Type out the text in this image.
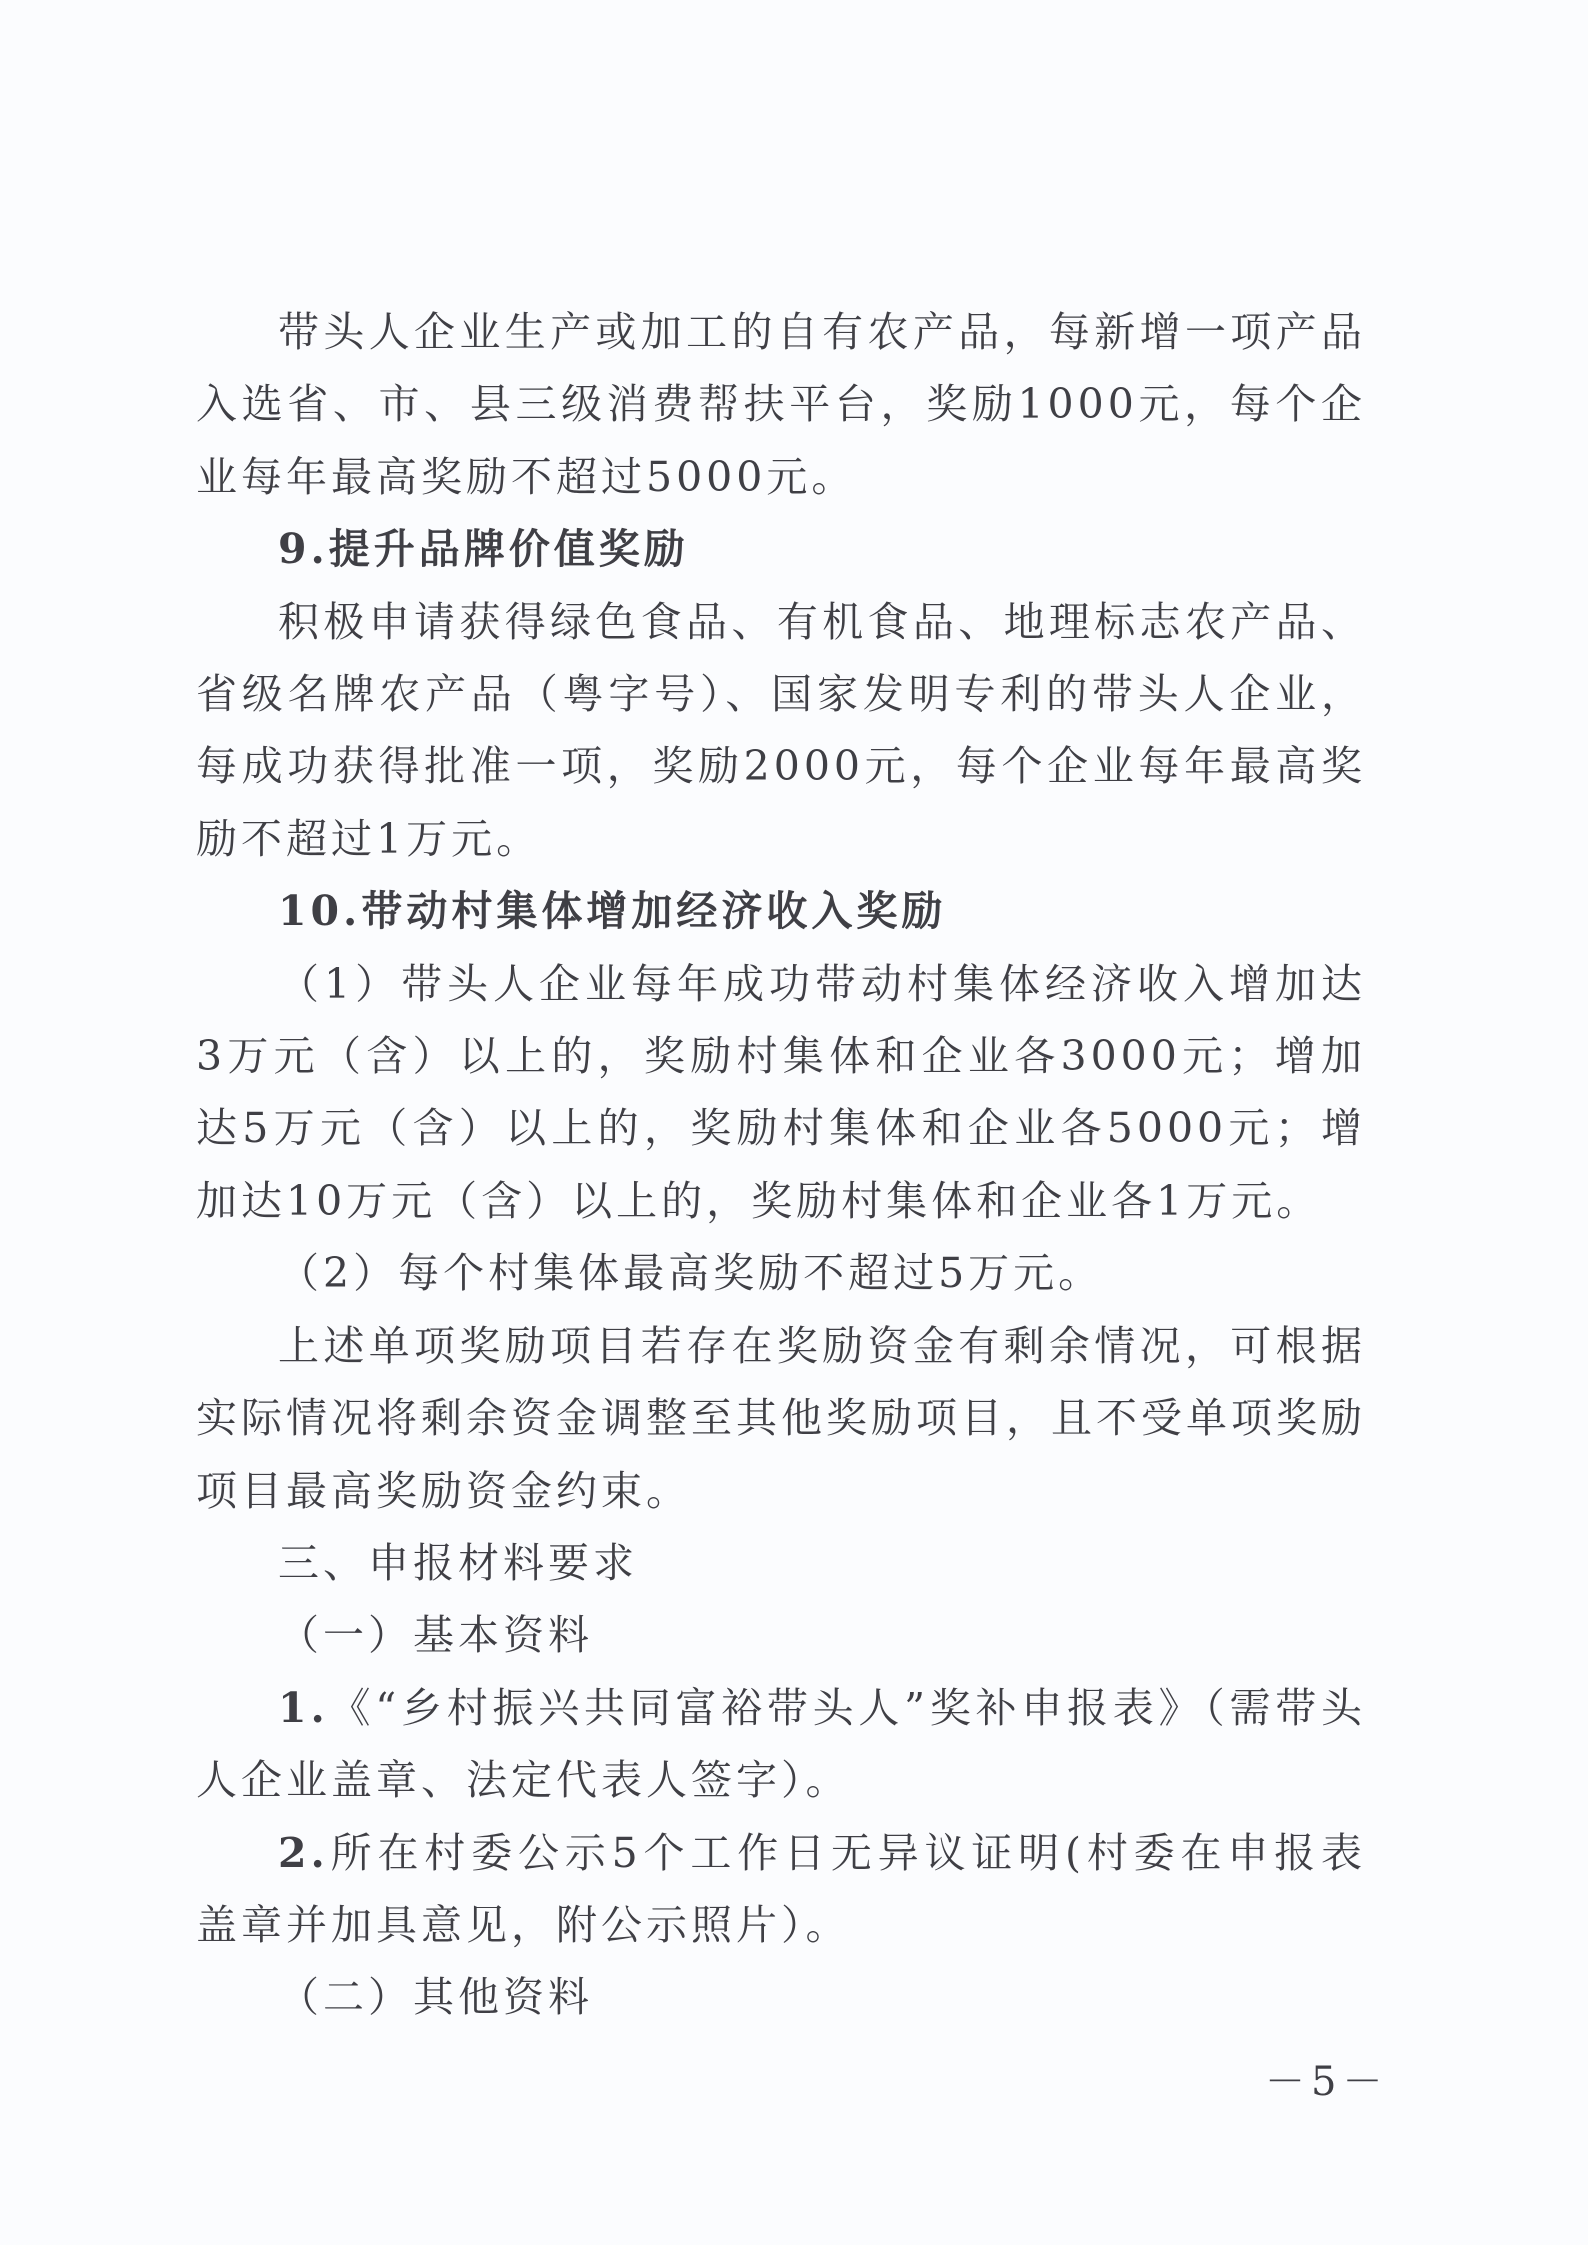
带头人企业生产或加工的自有农产品，每新增一项产品入选省、市、县三级消费帮扶平台，奖励1000元，每个企业每年最高奖励不超过5000元。

9.提升品牌价值奖励

积极申请获得绿色食品、有机食品、地理标志农产品、省级名牌农产品（粤字号）、国家发明专利的带头人企业，每成功获得批准一项，奖励2000元，每个企业每年最高奖励不超过1万元。

10.带动村集体增加经济收入奖励

（1）带头人企业每年成功带动村集体经济收入增加达3万元（含）以上的，奖励村集体和企业各3000元；增加达5万元（含）以上的，奖励村集体和企业各5000元；增加达10万元（含）以上的，奖励村集体和企业各1万元。

（2）每个村集体最高奖励不超过5万元。

上述单项奖励项目若存在奖励资金有剩余情况，可根据实际情况将剩余资金调整至其他奖励项目，且不受单项奖励项目最高奖励资金约束。

三、申报材料要求

（一）基本资料

1.《“乡村振兴共同富裕带头人”奖补申报表》（需带头人企业盖章、法定代表人签字）。

2.所在村委公示5个工作日无异议证明(村委在申报表盖章并加具意见，附公示照片）。

（二）其他资料

－5－
